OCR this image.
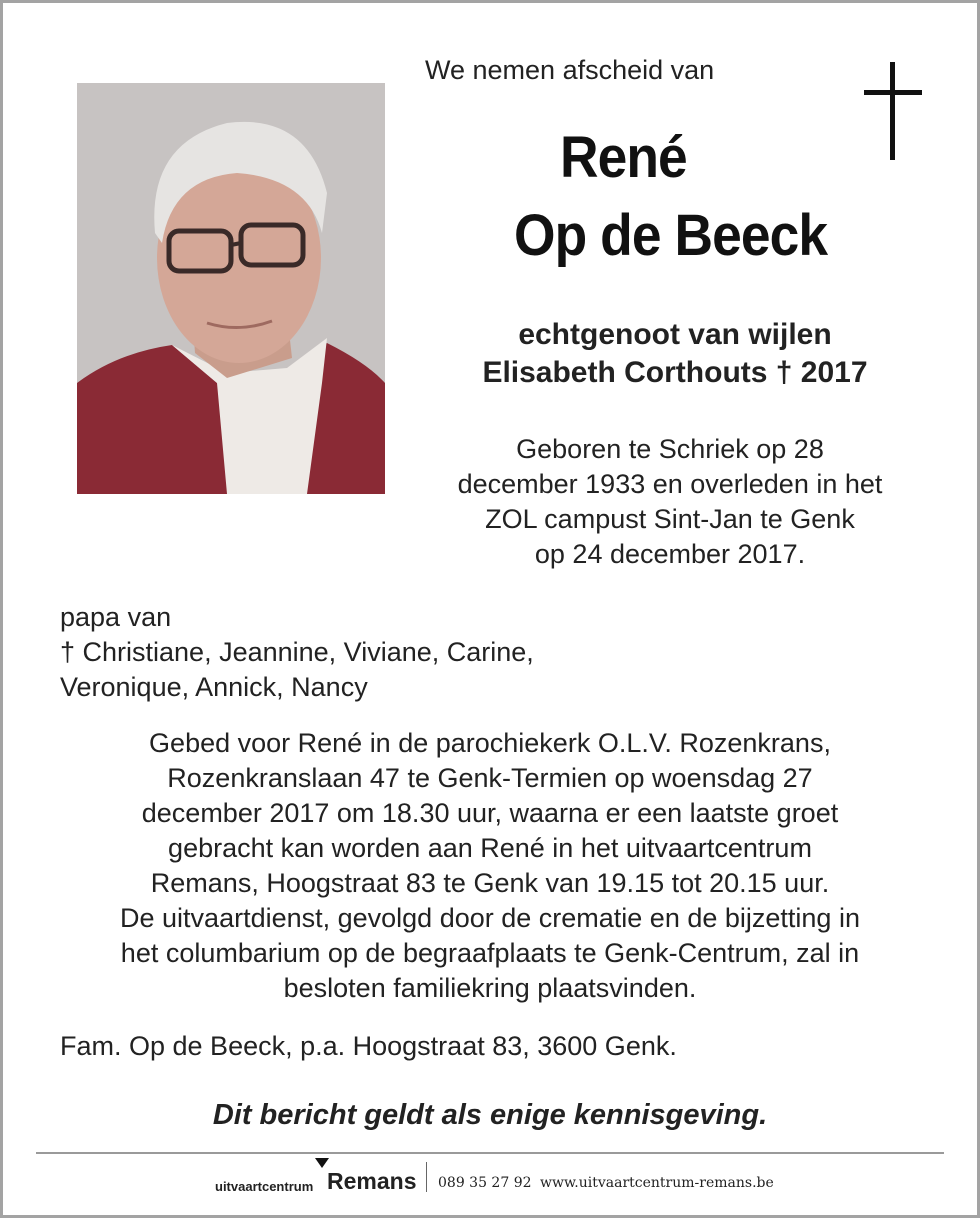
We nemen afscheid van
René
Op de Beeck
echtgenoot van wijlen
Elisabeth Corthouts † 2017
Geboren te Schriek op 28
december 1933 en overleden in het
ZOL campust Sint-Jan te Genk
op 24 december 2017.
papa van
† Christiane, Jeannine, Viviane, Carine,
Veronique, Annick, Nancy
Gebed voor René in de parochiekerk O.L.V. Rozenkrans,
Rozenkranslaan 47 te Genk-Termien op woensdag 27
december 2017 om 18.30 uur, waarna er een laatste groet
gebracht kan worden aan René in het uitvaartcentrum
Remans, Hoogstraat 83 te Genk van 19.15 tot 20.15 uur.
De uitvaartdienst, gevolgd door de crematie en de bijzetting in
het columbarium op de begraafplaats te Genk-Centrum, zal in
besloten familiekring plaatsvinden.
Fam. Op de Beeck, p.a. Hoogstraat 83, 3600 Genk.
Dit bericht geldt als enige kennisgeving.
uitvaartcentrum Remans 089 35 27 92 www.uitvaartcentrum-remans.be
